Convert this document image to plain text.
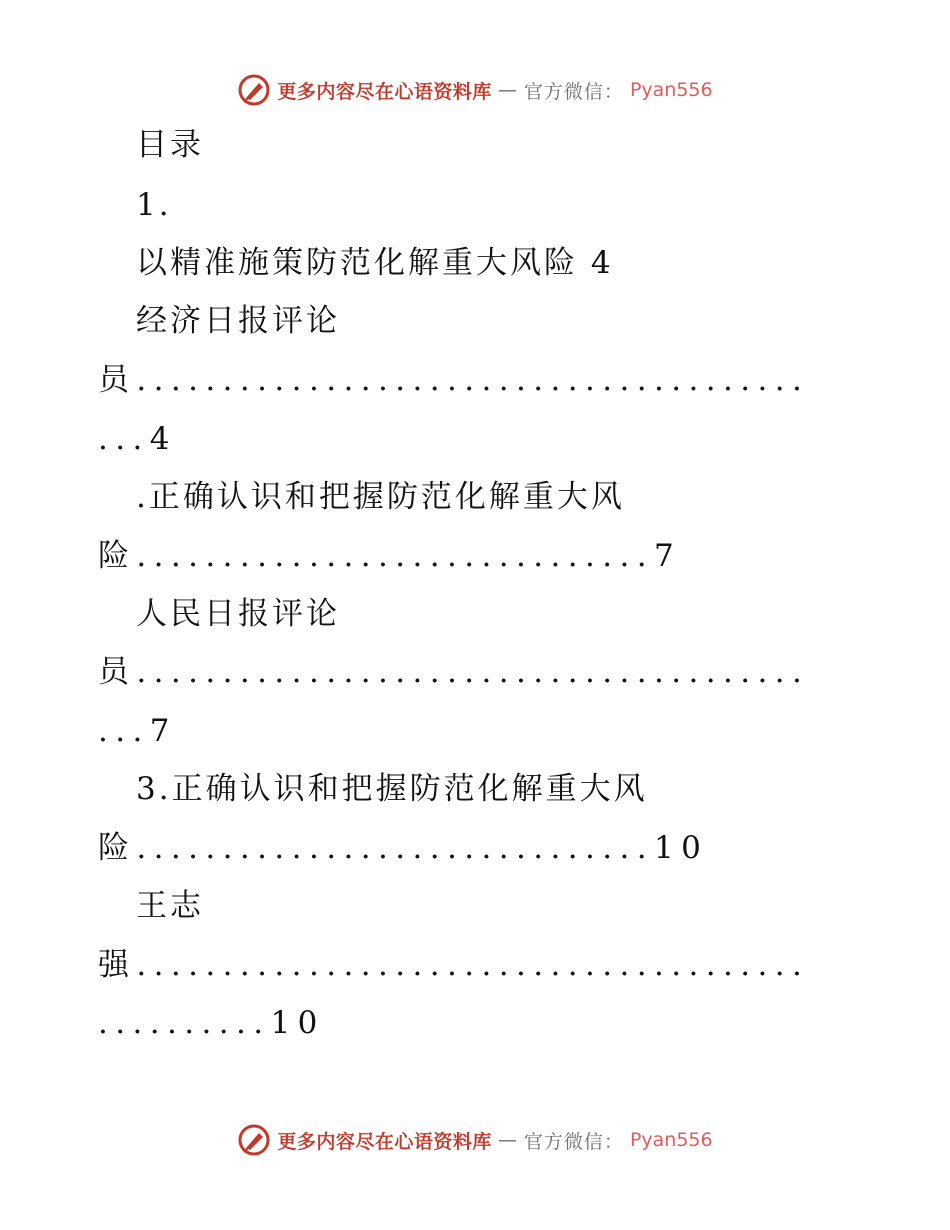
更多内容尽在心语资料库 — 官方微信： Pyan556
目录
1.
以精准施策防范化解重大风险 4
经济日报评论
员.......................................
...4
.正确认识和把握防范化解重大风
险..............................7
人民日报评论
员.......................................
...7
3.正确认识和把握防范化解重大风
险..............................10
王志
强.......................................
..........10
更多内容尽在心语资料库 — 官方微信： Pyan556
